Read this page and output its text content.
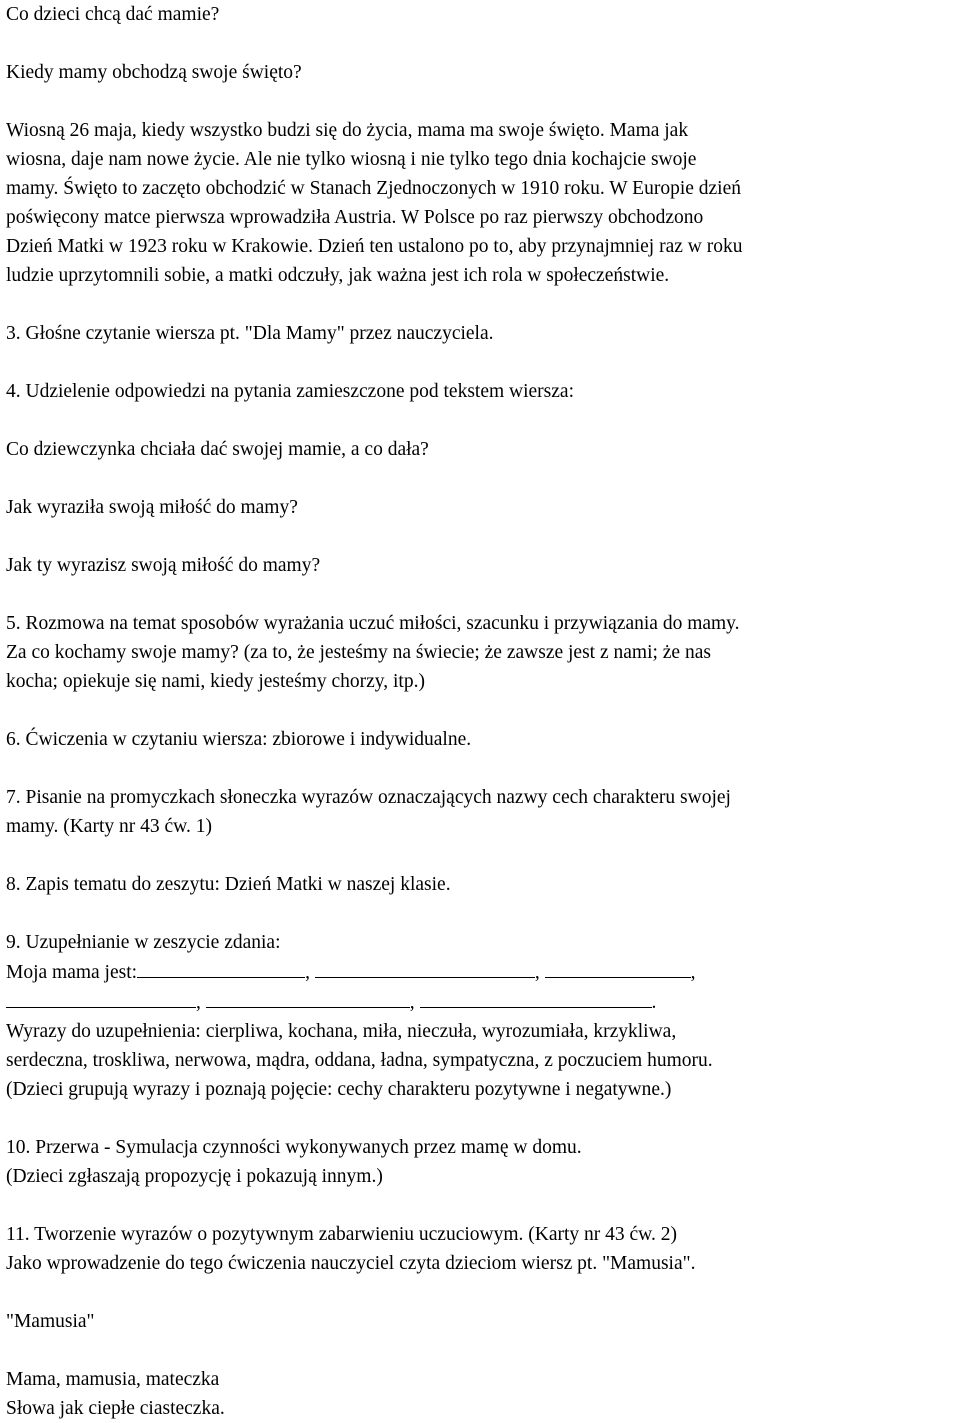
Co dzieci chcą dać mamie?
Kiedy mamy obchodzą swoje święto?
Wiosną 26 maja, kiedy wszystko budzi się do życia, mama ma swoje święto. Mama jak
wiosna, daje nam nowe życie. Ale nie tylko wiosną i nie tylko tego dnia kochajcie swoje
mamy. Święto to zaczęto obchodzić w Stanach Zjednoczonych w 1910 roku. W Europie dzień
poświęcony matce pierwsza wprowadziła Austria. W Polsce po raz pierwszy obchodzono
Dzień Matki w 1923 roku w Krakowie. Dzień ten ustalono po to, aby przynajmniej raz w roku
ludzie uprzytomnili sobie, a matki odczuły, jak ważna jest ich rola w społeczeństwie.
3. Głośne czytanie wiersza pt. "Dla Mamy" przez nauczyciela.
4. Udzielenie odpowiedzi na pytania zamieszczone pod tekstem wiersza:
Co dziewczynka chciała dać swojej mamie, a co dała?
Jak wyraziła swoją miłość do mamy?
Jak ty wyrazisz swoją miłość do mamy?
5. Rozmowa na temat sposobów wyrażania uczuć miłości, szacunku i przywiązania do mamy.
Za co kochamy swoje mamy? (za to, że jesteśmy na świecie; że zawsze jest z nami; że nas
kocha; opiekuje się nami, kiedy jesteśmy chorzy, itp.)
6. Ćwiczenia w czytaniu wiersza: zbiorowe i indywidualne.
7. Pisanie na promyczkach słoneczka wyrazów oznaczających nazwy cech charakteru swojej
mamy. (Karty nr 43 ćw. 1)
8. Zapis tematu do zeszytu: Dzień Matki w naszej klasie.
9. Uzupełnianie w zeszycie zdania:
Moja mama jest:	,	,	,
,	,	.
Wyrazy do uzupełnienia: cierpliwa, kochana, miła, nieczuła, wyrozumiała, krzykliwa,
serdeczna, troskliwa, nerwowa, mądra, oddana, ładna, sympatyczna, z poczuciem humoru.
(Dzieci grupują wyrazy i poznają pojęcie: cechy charakteru pozytywne i negatywne.)
10. Przerwa - Symulacja czynności wykonywanych przez mamę w domu.
(Dzieci zgłaszają propozycję i pokazują innym.)
11. Tworzenie wyrazów o pozytywnym zabarwieniu uczuciowym. (Karty nr 43 ćw. 2)
Jako wprowadzenie do tego ćwiczenia nauczyciel czyta dzieciom wiersz pt. "Mamusia".
"Mamusia"
Mama, mamusia, mateczka
Słowa jak ciepłe ciasteczka.
